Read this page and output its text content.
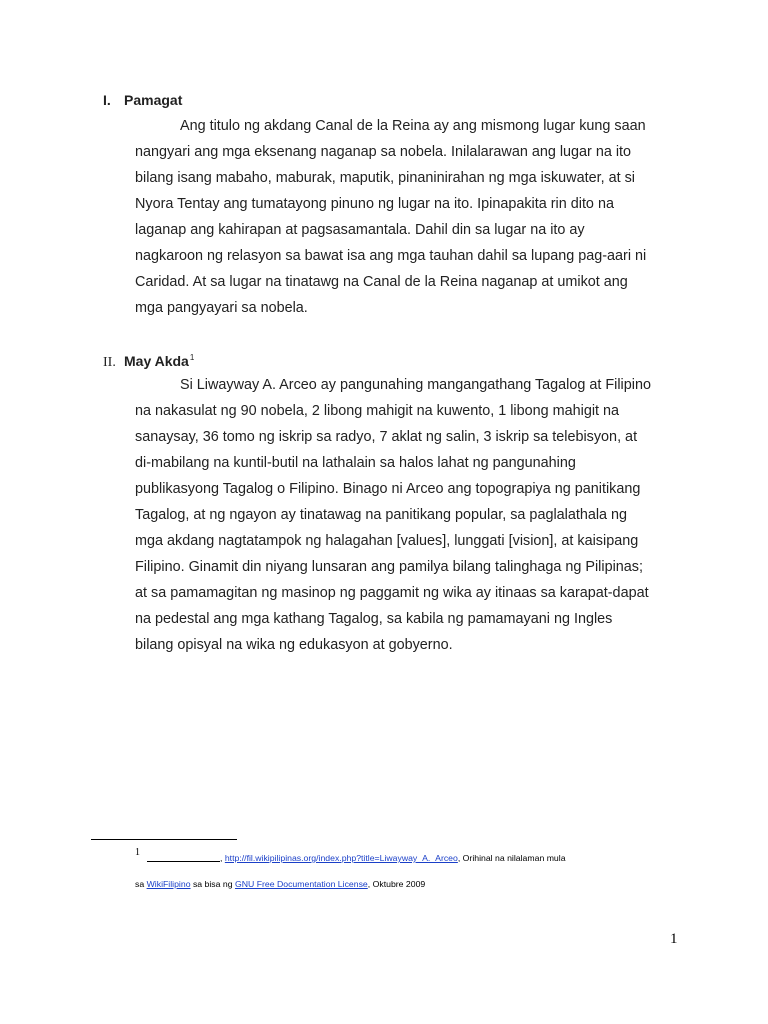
I. Pamagat

Ang titulo ng akdang Canal de la Reina ay ang mismong lugar kung saan
nangyari ang mga eksenang naganap sa nobela. Inilalarawan ang lugar na ito
bilang isang mabaho, maburak, maputik, pinaninirahan ng mga iskuwater, at si
Nyora Tentay ang tumatayong pinuno ng lugar na ito. Ipinapakita rin dito na
laganap ang kahirapan at pagsasamantala. Dahil din sa lugar na ito ay
nagkaroon ng relasyon sa bawat isa ang mga tauhan dahil sa lupang pag-aari ni
Caridad. At sa lugar na tinatawg na Canal de la Reina naganap at umikot ang
mga pangyayari sa nobela.

II. May Akda$^1$

Si Liwayway A. Arceo ay pangunahing mangangathang Tagalog at Filipino
na nakasulat ng 90 nobela, 2 libong mahigit na kuwento, 1 libong mahigit na
sanaysay, 36 tomo ng iskrip sa radyo, 7 aklat ng salin, 3 iskrip sa telebisyon, at
di-mabilang na kuntil-butil na lathalain sa halos lahat ng pangunahing
publikasyong Tagalog o Filipino. Binago ni Arceo ang topograpiya ng panitikang
Tagalog, at ng ngayon ay tinatawag na panitikang popular, sa paglalathala ng
mga akdang nagtatampok ng halagahan [values], lunggati [vision], at kaisipang
Filipino. Ginamit din niyang lunsaran ang pamilya bilang talinghaga ng Pilipinas;
at sa pamamagitan ng masinop ng paggamit ng wika ay itinaas sa karapat-dapat
na pedestal ang mga kathang Tagalog, sa kabila ng pamamayani ng Ingles
bilang opisyal na wika ng edukasyon at gobyerno.

1	, http://fil.wikipilipinas.org/index.php?title=Liwayway_A._Arceo, Orihinal na nilalaman mula
sa WikiFilipino sa bisa ng GNU Free Documentation License, Oktubre 2009
1
